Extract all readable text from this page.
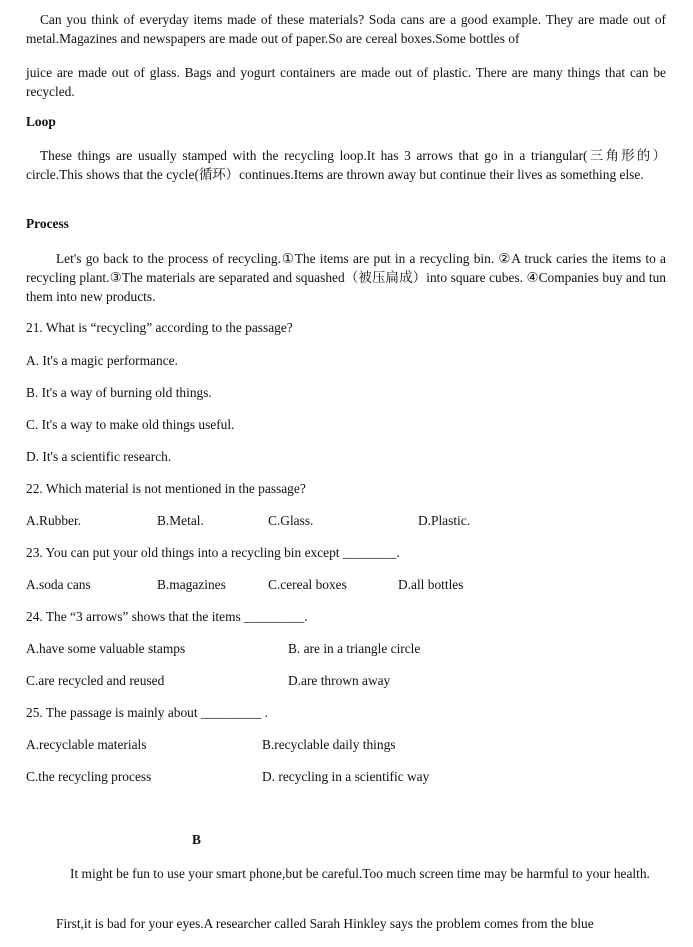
Can you think of everyday items made of these materials? Soda cans are a good example. They are made out of metal.Magazines and newspapers are made out of paper.So are cereal boxes.Some bottles of

juice are made out of glass. Bags and yogurt containers are made out of plastic. There are many things that can be recycled.

Loop

These things are usually stamped with the recycling loop.It has 3 arrows that go in a triangular(三角形的）circle.This shows that the cycle(循环）continues.Items are thrown away but continue their lives as something else.

Process

Let's go back to the process of recycling.①The items are put in a recycling bin. ②A truck caries the items to a recycling plant.③The materials are separated and squashed（被压扁成）into square cubes. ④Companies buy and tun them into new products.

21. What is “recycling” according to the passage?

A. It's a magic performance.

B. It's a way of burning old things.

C. It's a way to make old things useful.

D. It's a scientific research.

22. Which material is not mentioned in the passage?

A.Rubber.	B.Metal.	C.Glass.	D.Plastic.

23. You can put your old things into a recycling bin except ________.

A.soda cans	B.magazines	C.cereal boxes	D.all bottles

24. The “3 arrows” shows that the items _________.

A.have some valuable stamps	B. are in a triangle circle

C.are recycled and reused	D.are thrown away

25. The passage is mainly about _________ .

A.recyclable materials	B.recyclable daily things

C.the recycling process	D. recycling in a scientific way

B

It might be fun to use your smart phone,but be careful.Too much screen time may be harmful to your health.

First,it is bad for your eyes.A researcher called Sarah Hinkley says the problem comes from the blue
